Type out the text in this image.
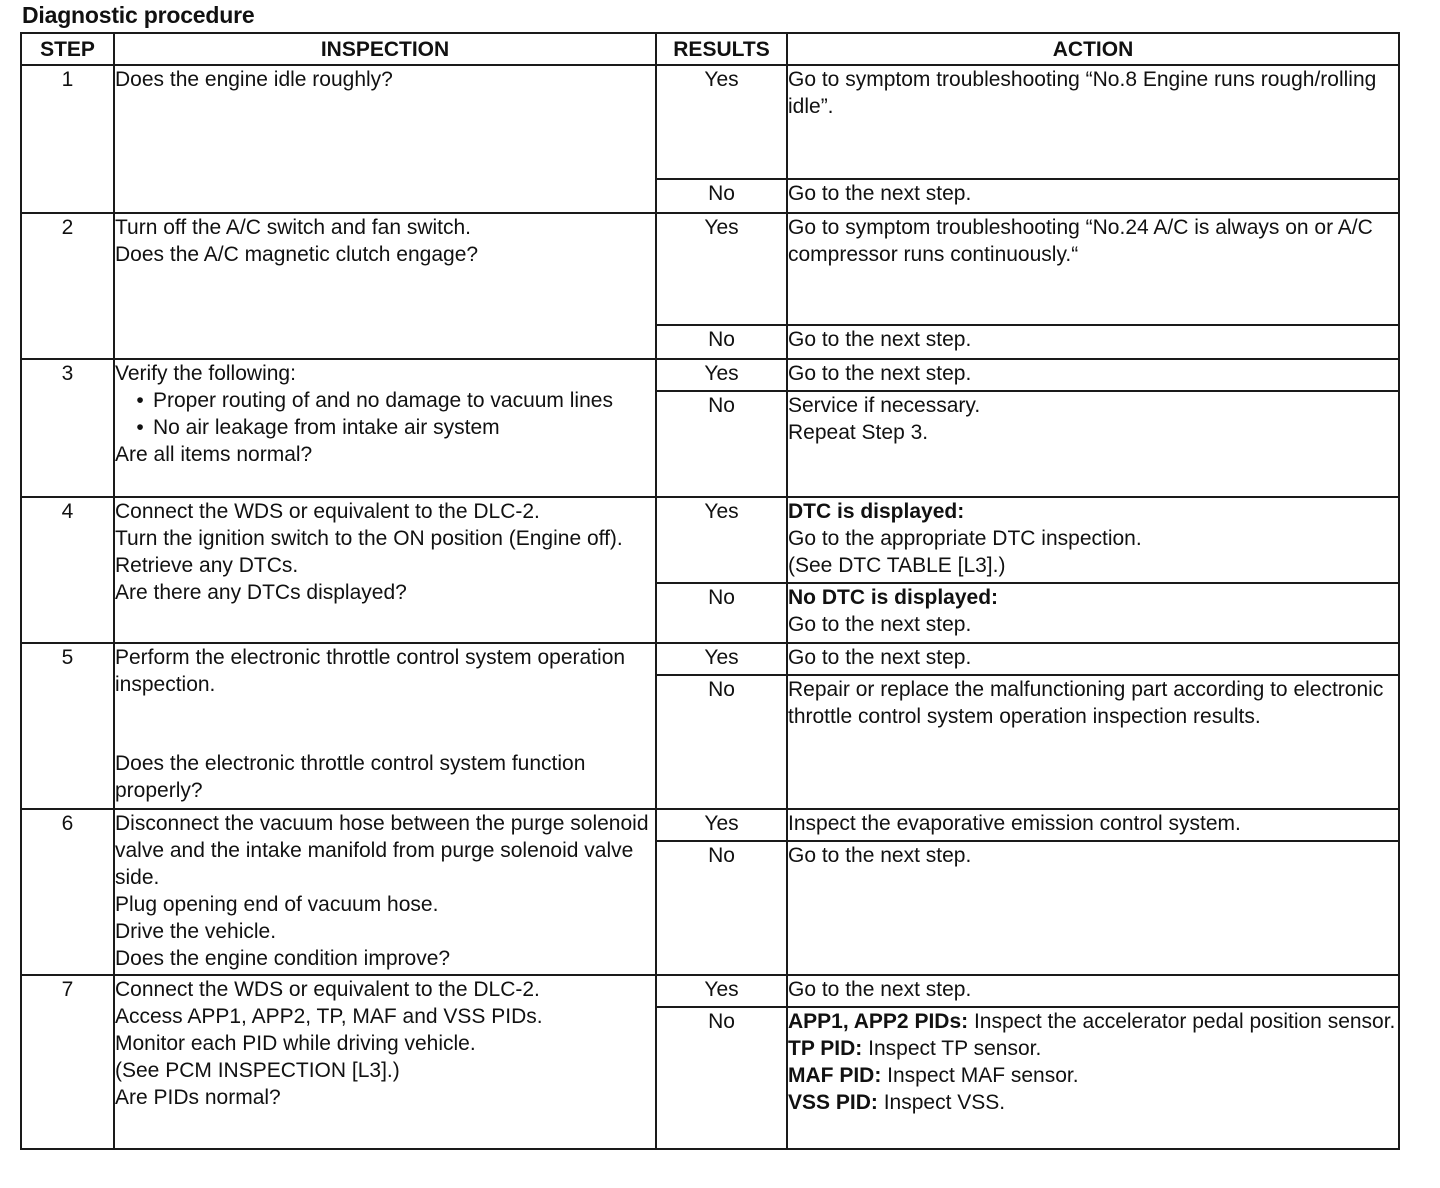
Diagnostic procedure
STEP	INSPECTION	RESULTS	ACTION
1	Does the engine idle roughly?	Yes	Go to symptom troubleshooting “No.8 Engine runs rough/rolling idle”.

		No	Go to the next step.

2	Turn off the A/C switch and fan switch.
Does the A/C magnetic clutch engage?	Yes	Go to symptom troubleshooting “No.24 A/C is always on or A/C compressor runs continuously.“

		No	Go to the next step.

3	Verify the following:
• Proper routing of and no damage to vacuum lines
• No air leakage from intake air system
Are all items normal?	Yes	Go to the next step.

		No	Service if necessary.
Repeat Step 3.

4	Connect the WDS or equivalent to the DLC-2.
Turn the ignition switch to the ON position (Engine off).
Retrieve any DTCs.
Are there any DTCs displayed?	Yes	DTC is displayed:
Go to the appropriate DTC inspection.
(See DTC TABLE [L3].)

		No	No DTC is displayed:
Go to the next step.

5	Perform the electronic throttle control system operation inspection.
Does the electronic throttle control system function properly?	Yes	Go to the next step.

		No	Repair or replace the malfunctioning part according to electronic throttle control system operation inspection results.

6	Disconnect the vacuum hose between the purge solenoid valve and the intake manifold from purge solenoid valve side.
Plug opening end of vacuum hose.
Drive the vehicle.
Does the engine condition improve?	Yes	Inspect the evaporative emission control system.

		No	Go to the next step.

7	Connect the WDS or equivalent to the DLC-2.
Access APP1, APP2, TP, MAF and VSS PIDs.
Monitor each PID while driving vehicle.
(See PCM INSPECTION [L3].)
Are PIDs normal?	Yes	Go to the next step.

		No	APP1, APP2 PIDs: Inspect the accelerator pedal position sensor.
TP PID: Inspect TP sensor.
MAF PID: Inspect MAF sensor.
VSS PID: Inspect VSS.
